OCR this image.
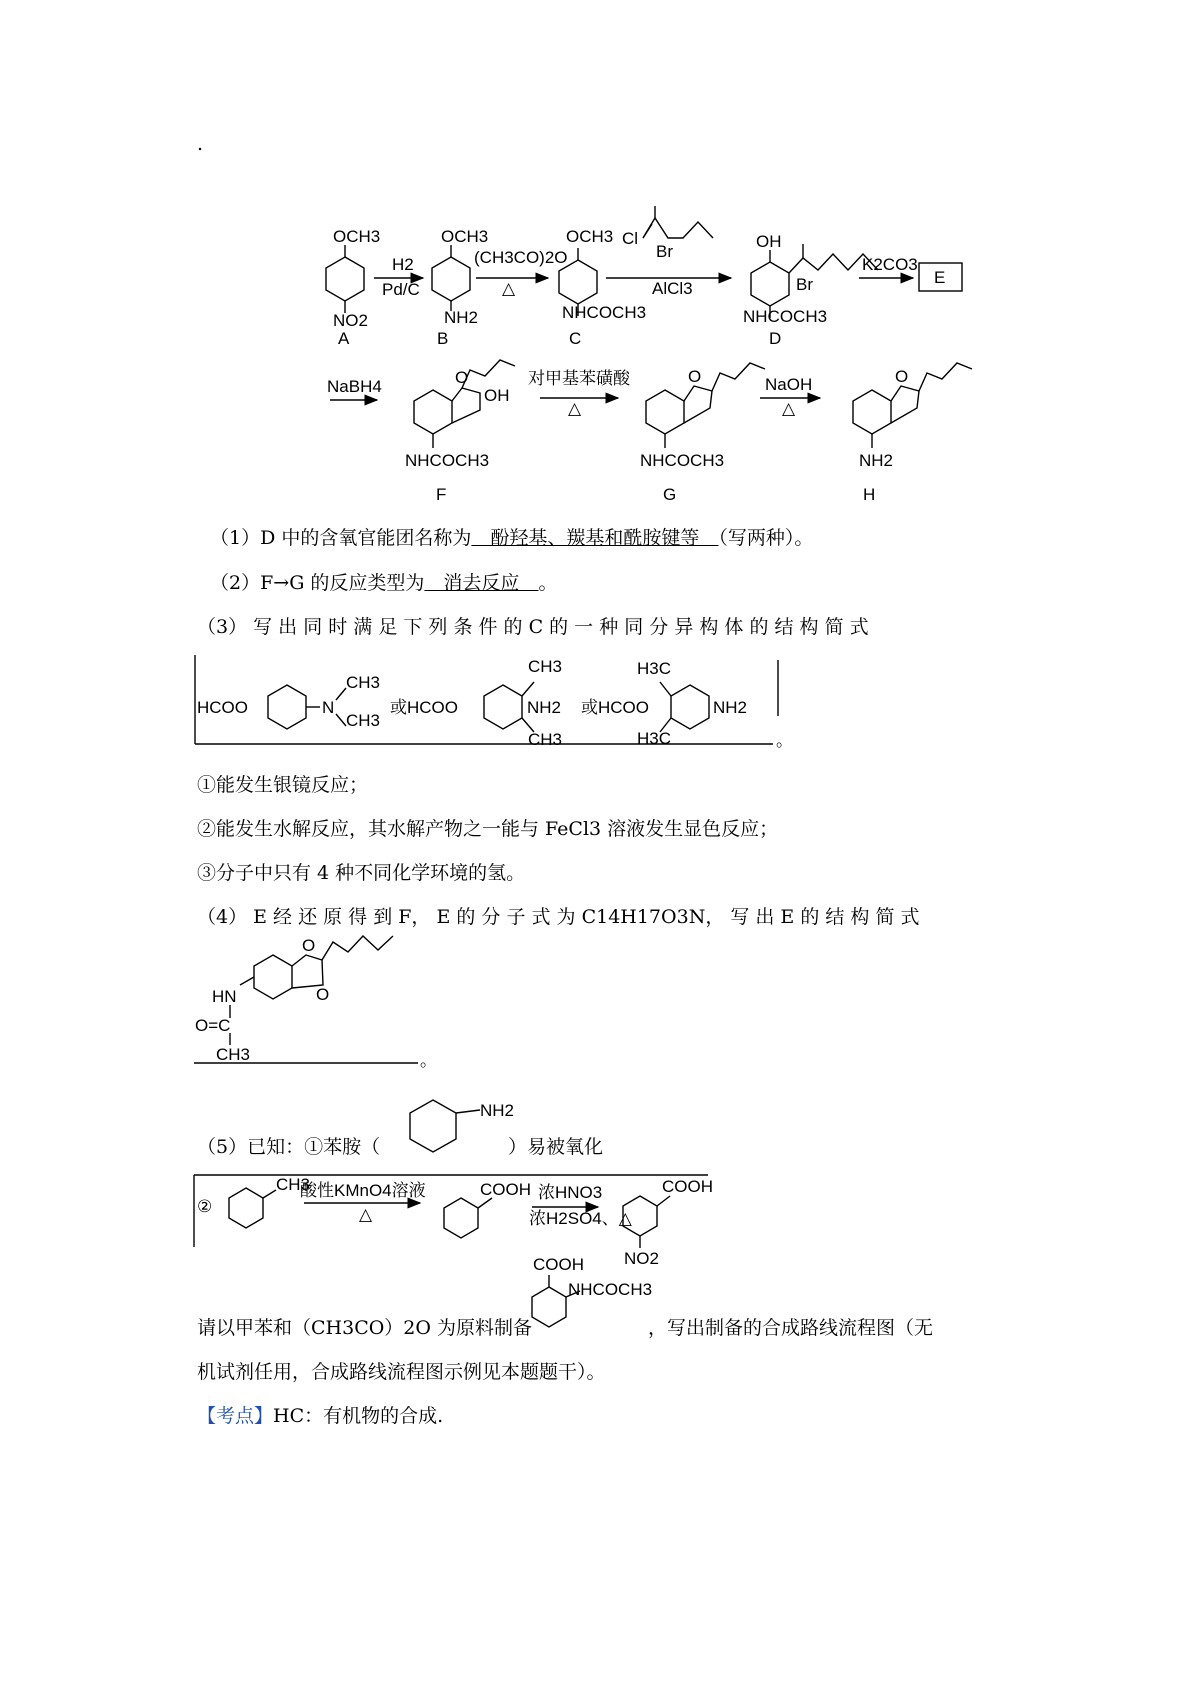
.
OCH3
NO2
A
H2
Pd/C
OCH3
NH2
B
(CH3CO)2O
△
OCH3
NHCOCH3
C
Cl
Br
AlCl3
OH
Br
NHCOCH3
D
K2CO3
E
NaBH4	O
OH
NHCOCH3
F
对甲基苯磺酸
△
O
NHCOCH3
G
NaOH
△
O
NH2
H
HCOO	N
CH3
CH3
或HCOO
CH3
NH2
CH3
或HCOO
H3C
NH2
H3C	。
O
O
HN
O=C
CH3	。
NH2
②
CH3
酸性KMnO4溶液
△
COOH 浓HNO3
浓H2SO4、△
COOH
NO2
COOH
NHCOCH3
（1）D 中的含氧官能团名称为　酚羟基、羰基和酰胺键等　（写两种）。
（2）F→G 的反应类型为　消去反应　。
（3） 写 出 同 时 满 足 下 列 条 件 的 C 的 一 种 同 分 异 构 体 的 结 构 简 式
①能发生银镜反应；
②能发生水解反应，其水解产物之一能与 FeCl3 溶液发生显色反应；
③分子中只有 4 种不同化学环境的氢。
（4） E 经 还 原 得 到 F， E 的 分 子 式 为 C14H17O3N， 写 出 E 的 结 构 简 式
（5）已知：①苯胺（	）易被氧化
请以甲苯和（CH3CO）2O 为原料制备	，写出制备的合成路线流程图（无
机试剂任用，合成路线流程图示例见本题题干）。
【考点】HC：有机物的合成.
